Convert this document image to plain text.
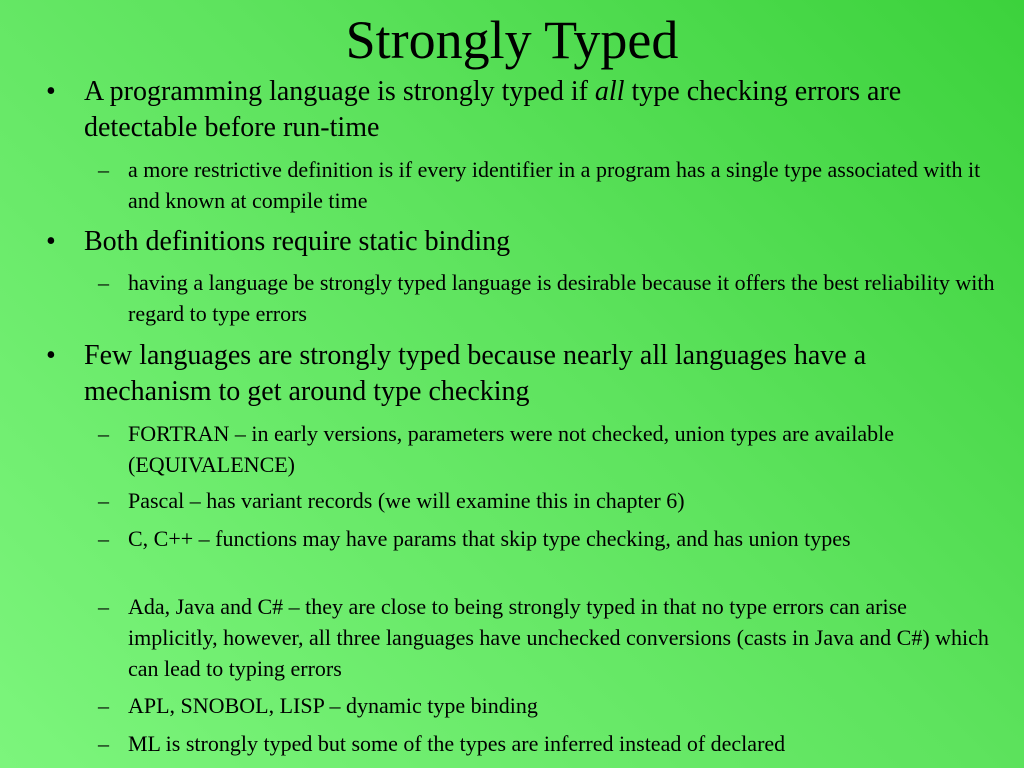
Strongly Typed

• A programming language is strongly typed if all type checking errors are detectable before run-time

– a more restrictive definition is if every identifier in a program has a single type associated with it and known at compile time

• Both definitions require static binding

– having a language be strongly typed language is desirable because it offers the best reliability with regard to type errors

• Few languages are strongly typed because nearly all languages have a mechanism to get around type checking

– FORTRAN – in early versions, parameters were not checked, union types are available (EQUIVALENCE)

– Pascal – has variant records (we will examine this in chapter 6)

– C, C++ – functions may have params that skip type checking, and has union types

– Ada, Java and C# – they are close to being strongly typed in that no type errors can arise implicitly, however, all three languages have unchecked conversions (casts in Java and C#) which can lead to typing errors

– APL, SNOBOL, LISP – dynamic type binding

– ML is strongly typed but some of the types are inferred instead of declared
